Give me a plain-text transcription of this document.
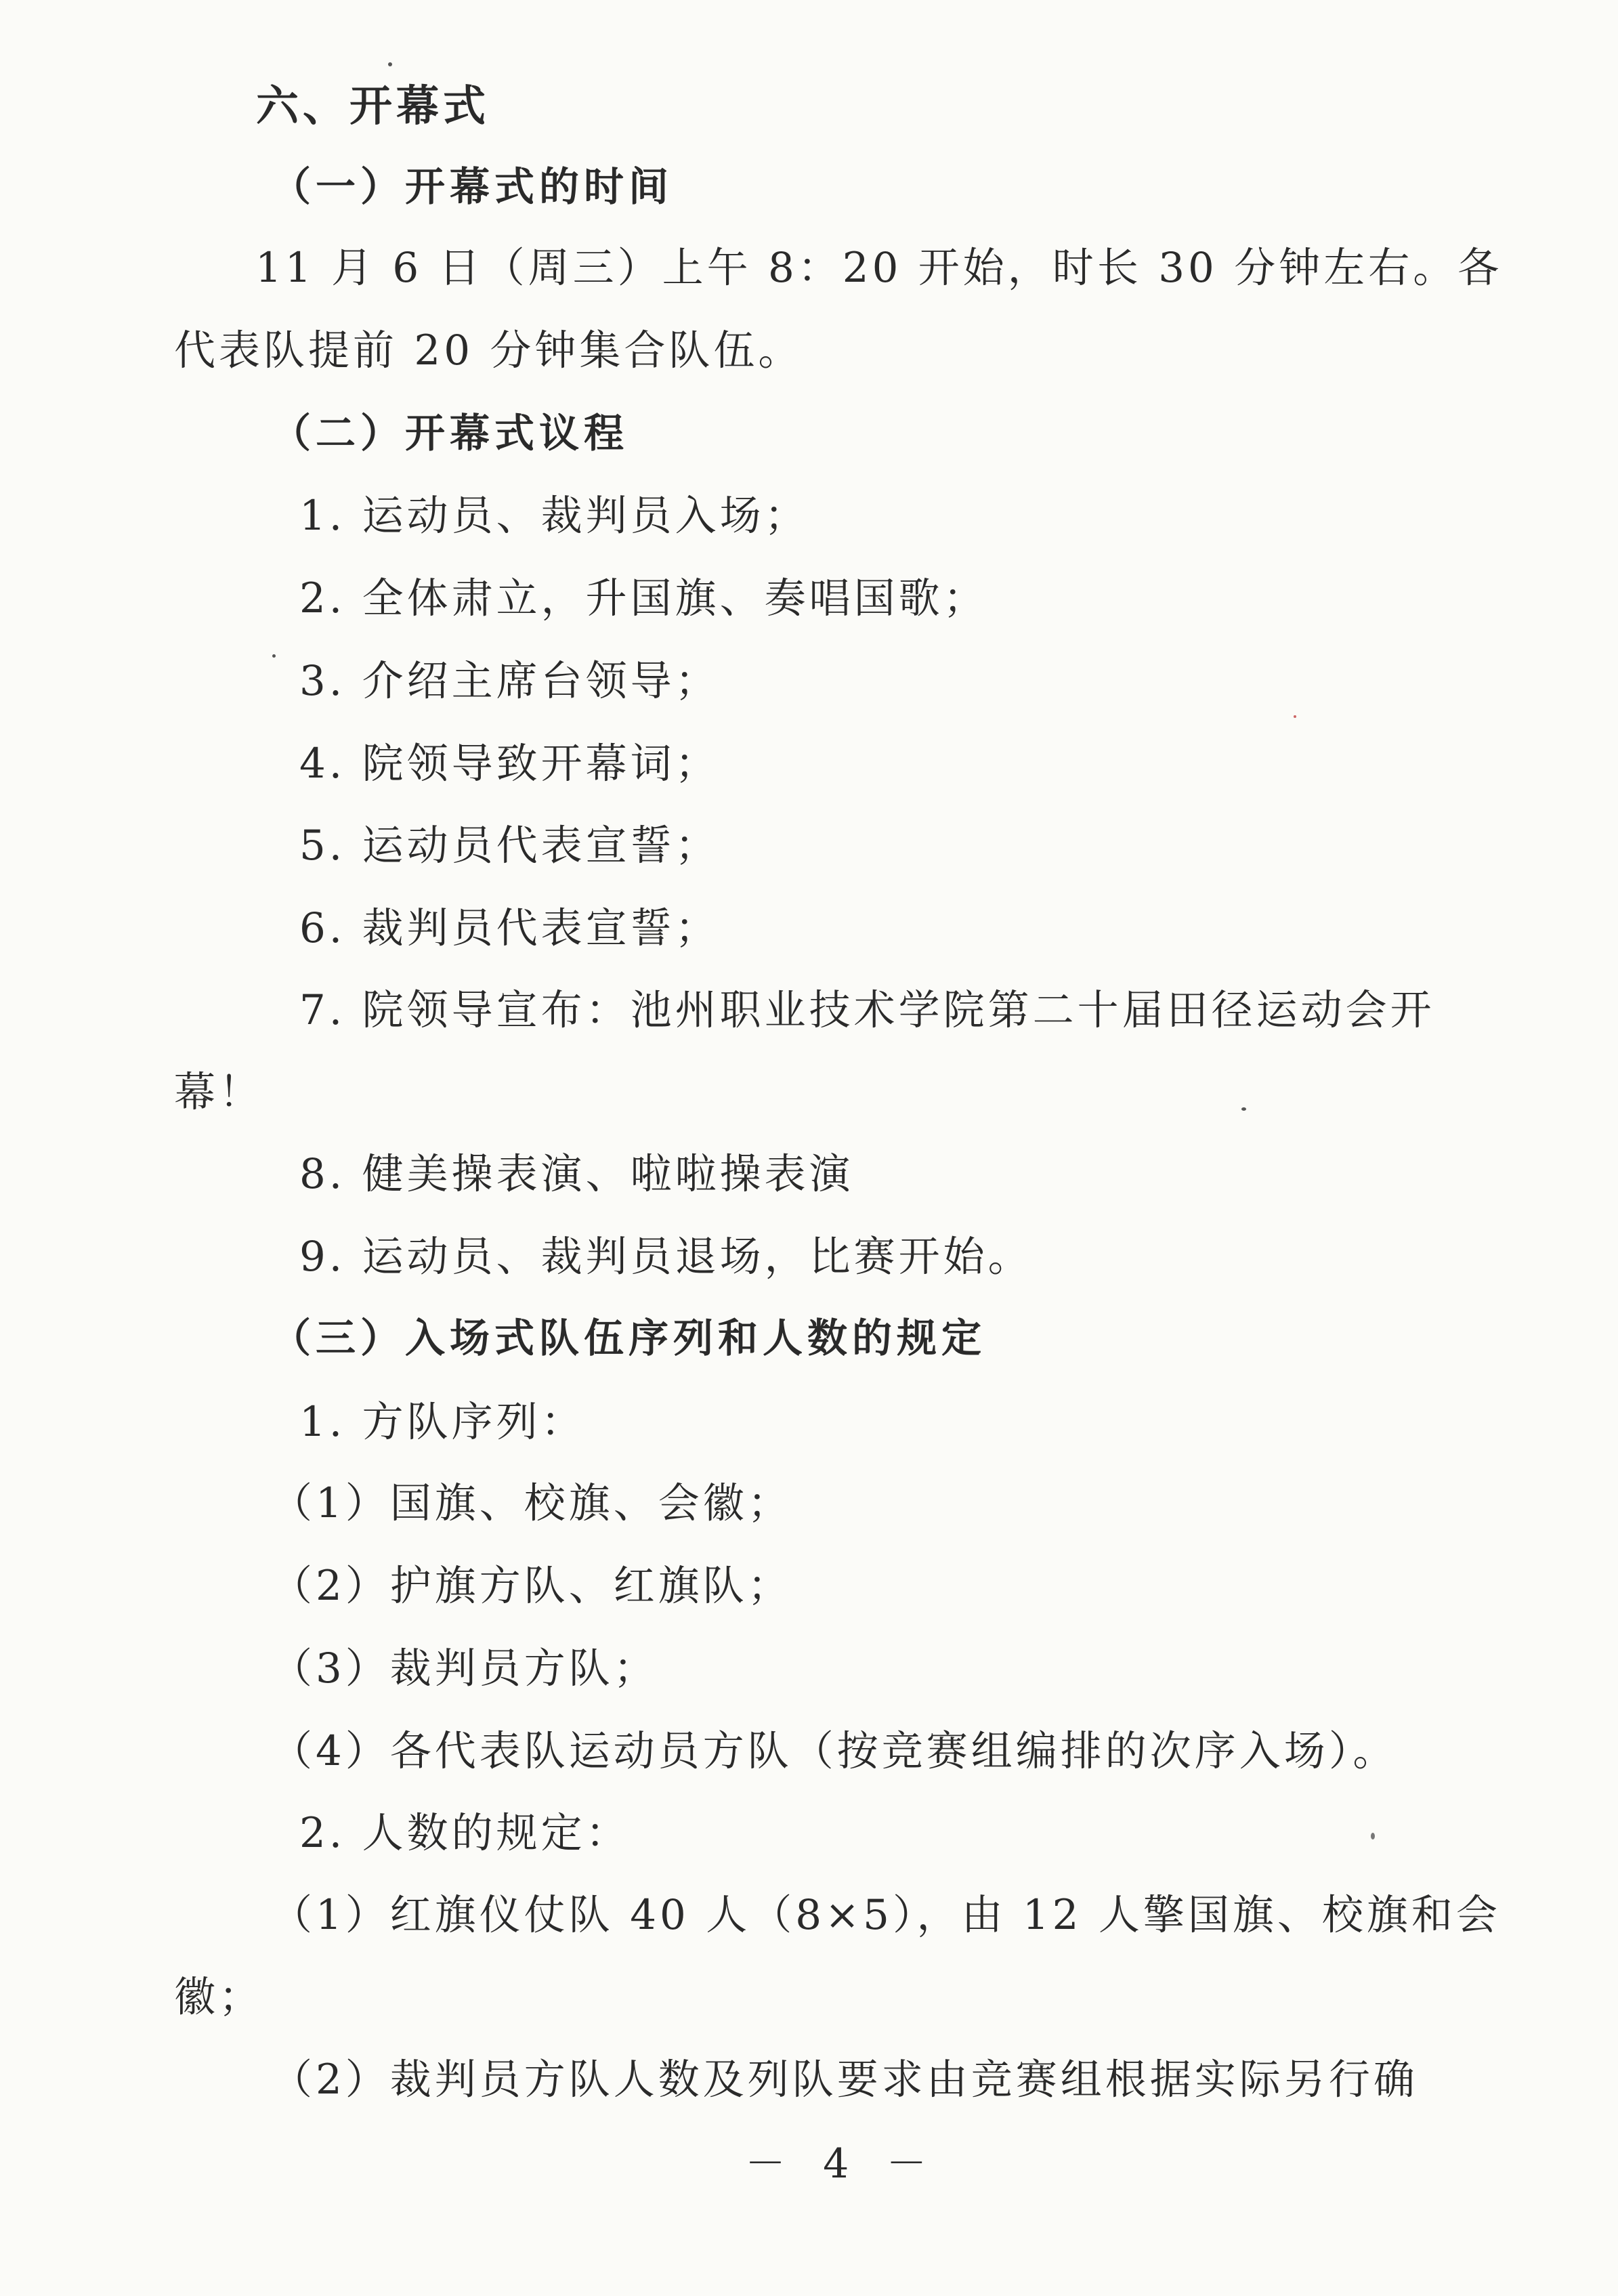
六、开幕式
（一）开幕式的时间
11 月 6 日（周三）上午 8：20 开始，时长 30 分钟左右。各
代表队提前 20 分钟集合队伍。
（二）开幕式议程
1. 运动员、裁判员入场；
2. 全体肃立，升国旗、奏唱国歌；
3. 介绍主席台领导；
4. 院领导致开幕词；
5. 运动员代表宣誓；
6. 裁判员代表宣誓；
7. 院领导宣布：池州职业技术学院第二十届田径运动会开
幕！
8. 健美操表演、啦啦操表演
9. 运动员、裁判员退场，比赛开始。
（三）入场式队伍序列和人数的规定
1. 方队序列：
（1）国旗、校旗、会徽；
（2）护旗方队、红旗队；
（3）裁判员方队；
（4）各代表队运动员方队（按竞赛组编排的次序入场）。
2. 人数的规定：
（1）红旗仪仗队 40 人（8×5），由 12 人擎国旗、校旗和会
徽；
（2）裁判员方队人数及列队要求由竞赛组根据实际另行确
－ 4 －
